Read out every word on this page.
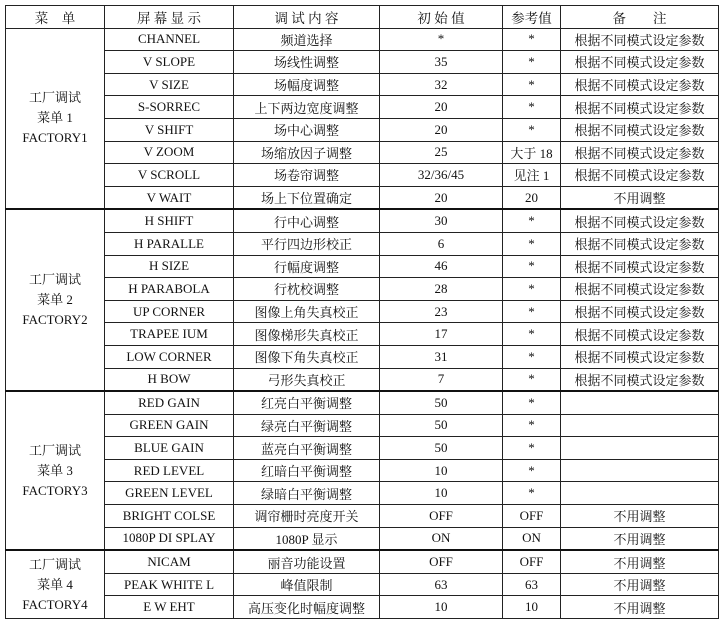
菜　单	屏 幕 显 示	调 试 内 容	初 始 值	参考值	备　　注

工厂调试
菜单 1
FACTORY1	CHANNEL	频道选择	*	*	根据不同模式设定参数
	V SLOPE	场线性调整	35	*	根据不同模式设定参数
	V SIZE	场幅度调整	32	*	根据不同模式设定参数
	S-SORREC	上下两边宽度调整	20	*	根据不同模式设定参数
	V SHIFT	场中心调整	20	*	根据不同模式设定参数
	V ZOOM	场缩放因子调整	25	大于 18	根据不同模式设定参数
	V SCROLL	场卷帘调整	32/36/45	见注 1	根据不同模式设定参数
	V WAIT	场上下位置确定	20	20	不用调整

工厂调试
菜单 2
FACTORY2	H SHIFT	行中心调整	30	*	根据不同模式设定参数
	H PARALLE	平行四边形校正	6	*	根据不同模式设定参数
	H SIZE	行幅度调整	46	*	根据不同模式设定参数
	H PARABOLA	行枕校调整	28	*	根据不同模式设定参数
	UP CORNER	图像上角失真校正	23	*	根据不同模式设定参数
	TRAPEE IUM	图像梯形失真校正	17	*	根据不同模式设定参数
	LOW CORNER	图像下角失真校正	31	*	根据不同模式设定参数
	H BOW	弓形失真校正	7	*	根据不同模式设定参数

工厂调试
菜单 3
FACTORY3	RED GAIN	红亮白平衡调整	50	*	
	GREEN GAIN	绿亮白平衡调整	50	*	
	BLUE GAIN	蓝亮白平衡调整	50	*	
	RED LEVEL	红暗白平衡调整	10	*	
	GREEN LEVEL	绿暗白平衡调整	10	*	
	BRIGHT COLSE	调帘栅时亮度开关	OFF	OFF	不用调整
	1080P DI SPLAY	1080P 显示	ON	ON	不用调整

工厂调试
菜单 4
FACTORY4	NICAM	丽音功能设置	OFF	OFF	不用调整
	PEAK WHITE L	峰值限制	63	63	不用调整
	E W EHT	高压变化时幅度调整	10	10	不用调整
